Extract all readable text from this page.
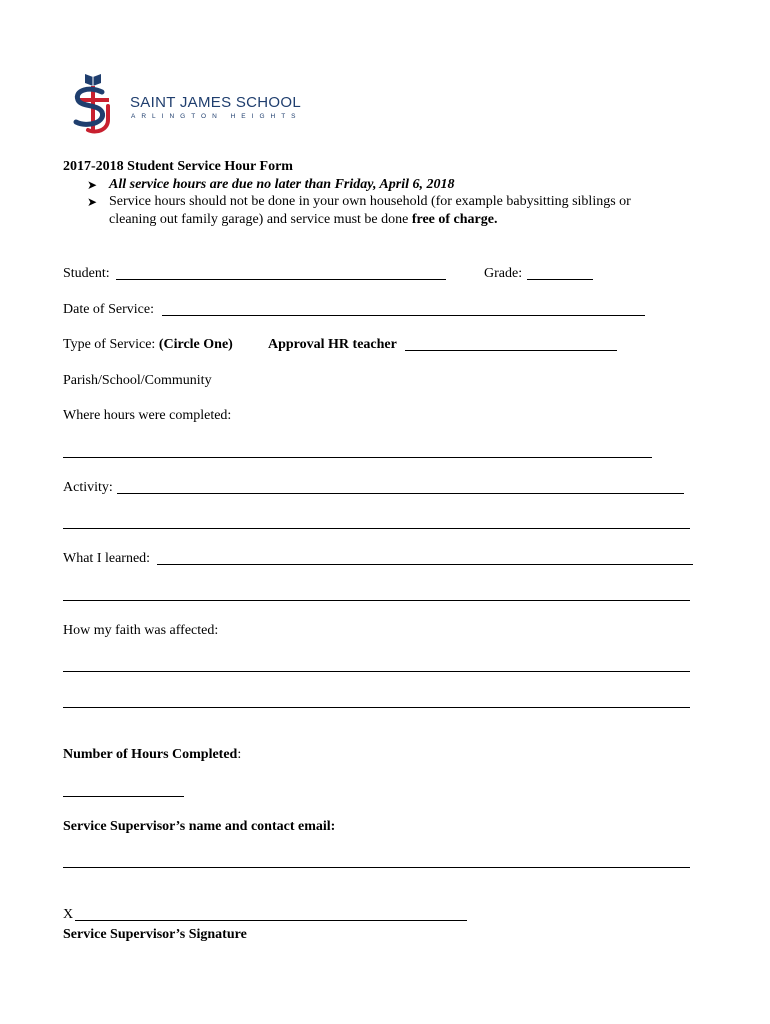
SAINT JAMES SCHOOL
ARLINGTON HEIGHTS
2017-2018 Student Service Hour Form
➤ All service hours are due no later than Friday, April 6, 2018
➤ Service hours should not be done in your own household (for example babysitting siblings or
cleaning out family garage) and service must be done free of charge.
Student:	Grade:
Date of Service:
Type of Service: (Circle One)	Approval HR teacher
Parish/School/Community
Where hours were completed:
Activity:
What I learned:
How my faith was affected:
Number of Hours Completed:
Service Supervisor’s name and contact email:
X
Service Supervisor’s Signature
